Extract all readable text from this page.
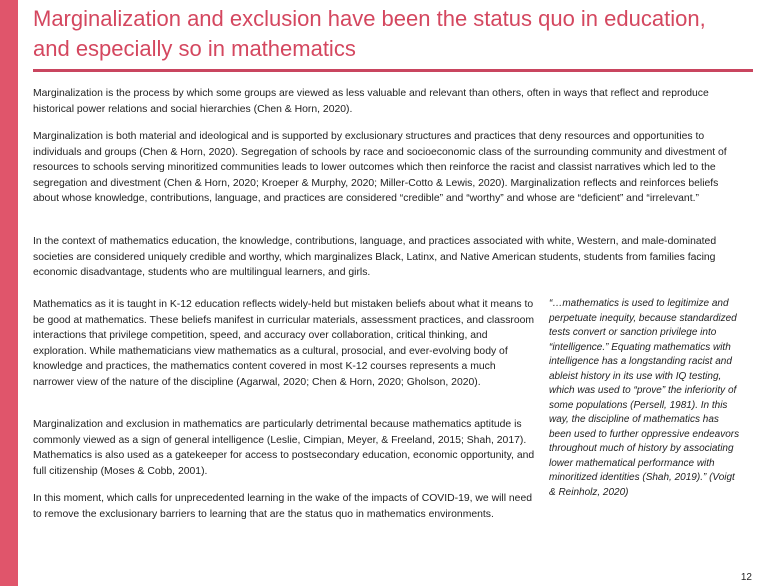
Marginalization and exclusion have been the status quo in education, and especially so in mathematics

Marginalization is the process by which some groups are viewed as less valuable and relevant than others, often in ways that reflect and reproduce historical power relations and social hierarchies (Chen & Horn, 2020).

Marginalization is both material and ideological and is supported by exclusionary structures and practices that deny resources and opportunities to individuals and groups (Chen & Horn, 2020). Segregation of schools by race and socioeconomic class of the surrounding community and divestment of resources to schools serving minoritized communities leads to lower outcomes which then reinforce the racist and classist narratives which led to the segregation and divestment (Chen & Horn, 2020; Kroeper & Murphy, 2020; Miller-Cotto & Lewis, 2020). Marginalization reflects and reinforces beliefs about whose knowledge, contributions, language, and practices are considered “credible” and “worthy” and whose are “deficient” and “irrelevant.”

In the context of mathematics education, the knowledge, contributions, language, and practices associated with white, Western, and male-dominated societies are considered uniquely credible and worthy, which marginalizes Black, Latinx, and Native American students, students from families facing economic disadvantage, students who are multilingual learners, and girls.

Mathematics as it is taught in K-12 education reflects widely-held but mistaken beliefs about what it means to be good at mathematics. These beliefs manifest in curricular materials, assessment practices, and classroom interactions that privilege competition, speed, and accuracy over collaboration, critical thinking, and exploration. While mathematicians view mathematics as a cultural, prosocial, and ever-evolving body of knowledge and practices, the mathematics content covered in most K-12 courses represents a much narrower view of the nature of the discipline (Agarwal, 2020; Chen & Horn, 2020; Gholson, 2020).

Marginalization and exclusion in mathematics are particularly detrimental because mathematics aptitude is commonly viewed as a sign of general intelligence (Leslie, Cimpian, Meyer, & Freeland, 2015; Shah, 2017). Mathematics is also used as a gatekeeper for access to postsecondary education, economic opportunity, and full citizenship (Moses & Cobb, 2001).

In this moment, which calls for unprecedented learning in the wake of the impacts of COVID-19, we will need to remove the exclusionary barriers to learning that are the status quo in mathematics environments.

“…mathematics is used to legitimize and perpetuate inequity, because standardized tests convert or sanction privilege into “intelligence.” Equating mathematics with intelligence has a longstanding racist and ableist history in its use with IQ testing, which was used to “prove” the inferiority of some populations (Persell, 1981). In this way, the discipline of mathematics has been used to further oppressive endeavors throughout much of history by associating lower mathematical performance with minoritized identities (Shah, 2019).” (Voigt & Reinholz, 2020)

12
